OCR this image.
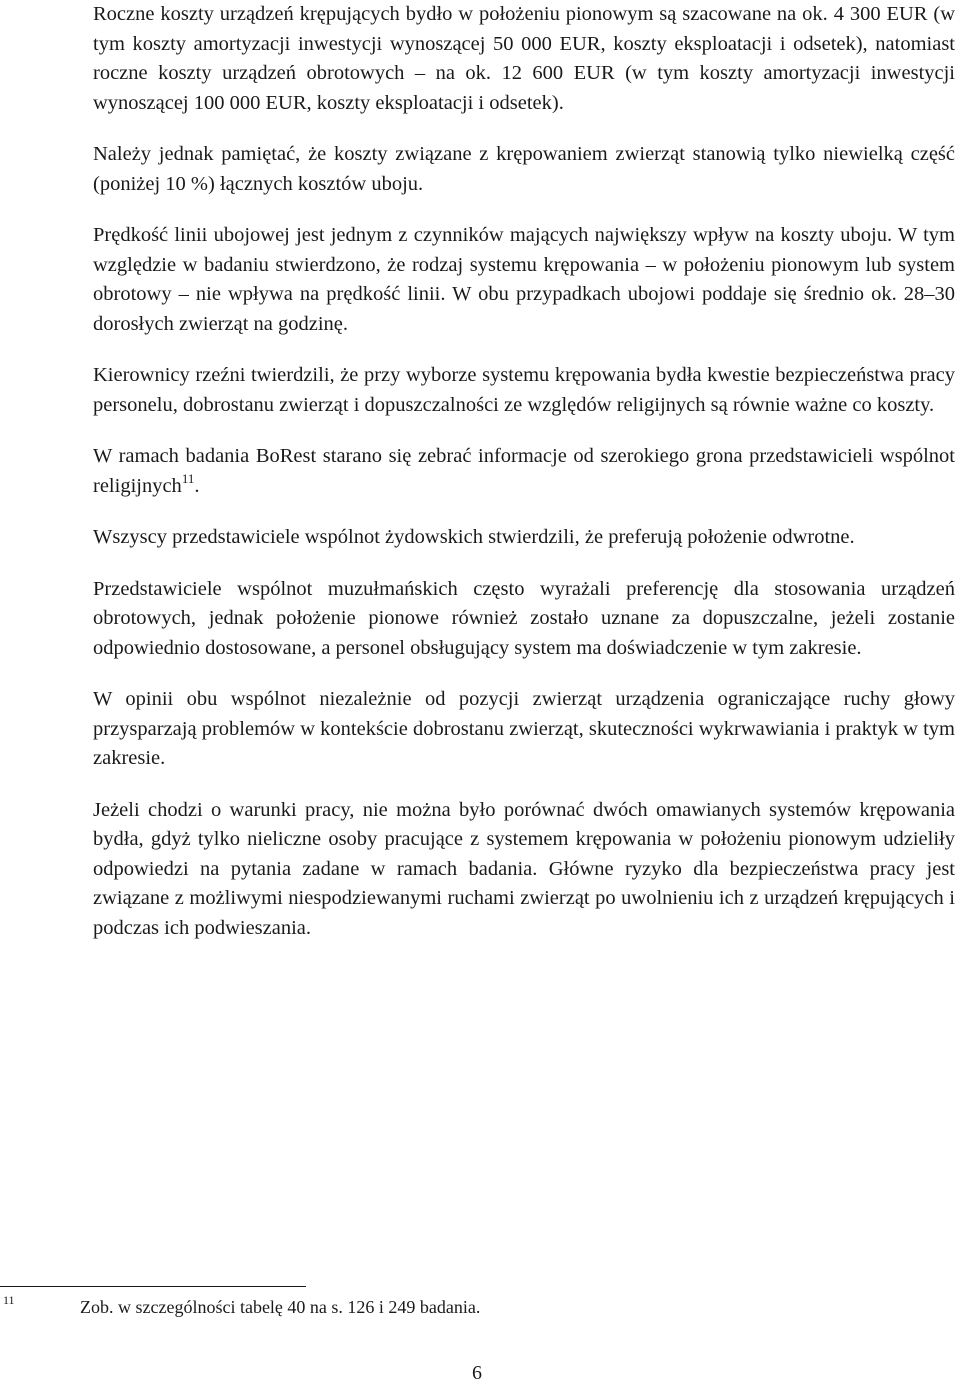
Roczne koszty urządzeń krępujących bydło w położeniu pionowym są szacowane na ok. 4 300 EUR (w tym koszty amortyzacji inwestycji wynoszącej 50 000 EUR, koszty eksploatacji i odsetek), natomiast roczne koszty urządzeń obrotowych – na ok. 12 600 EUR (w tym koszty amortyzacji inwestycji wynoszącej 100 000 EUR, koszty eksploatacji i odsetek).

Należy jednak pamiętać, że koszty związane z krępowaniem zwierząt stanowią tylko niewielką część (poniżej 10 %) łącznych kosztów uboju.

Prędkość linii ubojowej jest jednym z czynników mających największy wpływ na koszty uboju. W tym względzie w badaniu stwierdzono, że rodzaj systemu krępowania – w położeniu pionowym lub system obrotowy – nie wpływa na prędkość linii. W obu przypadkach ubojowi poddaje się średnio ok. 28–30 dorosłych zwierząt na godzinę.

Kierownicy rzeźni twierdzili, że przy wyborze systemu krępowania bydła kwestie bezpieczeństwa pracy personelu, dobrostanu zwierząt i dopuszczalności ze względów religijnych są równie ważne co koszty.

W ramach badania BoRest starano się zebrać informacje od szerokiego grona przedstawicieli wspólnot religijnych$^{11}$.

Wszyscy przedstawiciele wspólnot żydowskich stwierdzili, że preferują położenie odwrotne.

Przedstawiciele wspólnot muzułmańskich często wyrażali preferencję dla stosowania urządzeń obrotowych, jednak położenie pionowe również zostało uznane za dopuszczalne, jeżeli zostanie odpowiednio dostosowane, a personel obsługujący system ma doświadczenie w tym zakresie.

W opinii obu wspólnot niezależnie od pozycji zwierząt urządzenia ograniczające ruchy głowy przysparzają problemów w kontekście dobrostanu zwierząt, skuteczności wykrwawiania i praktyk w tym zakresie.

Jeżeli chodzi o warunki pracy, nie można było porównać dwóch omawianych systemów krępowania bydła, gdyż tylko nieliczne osoby pracujące z systemem krępowania w położeniu pionowym udzieliły odpowiedzi na pytania zadane w ramach badania. Główne ryzyko dla bezpieczeństwa pracy jest związane z możliwymi niespodziewanymi ruchami zwierząt po uwolnieniu ich z urządzeń krępujących i podczas ich podwieszania.

11	Zob. w szczególności tabelę 40 na s. 126 i 249 badania.
6
